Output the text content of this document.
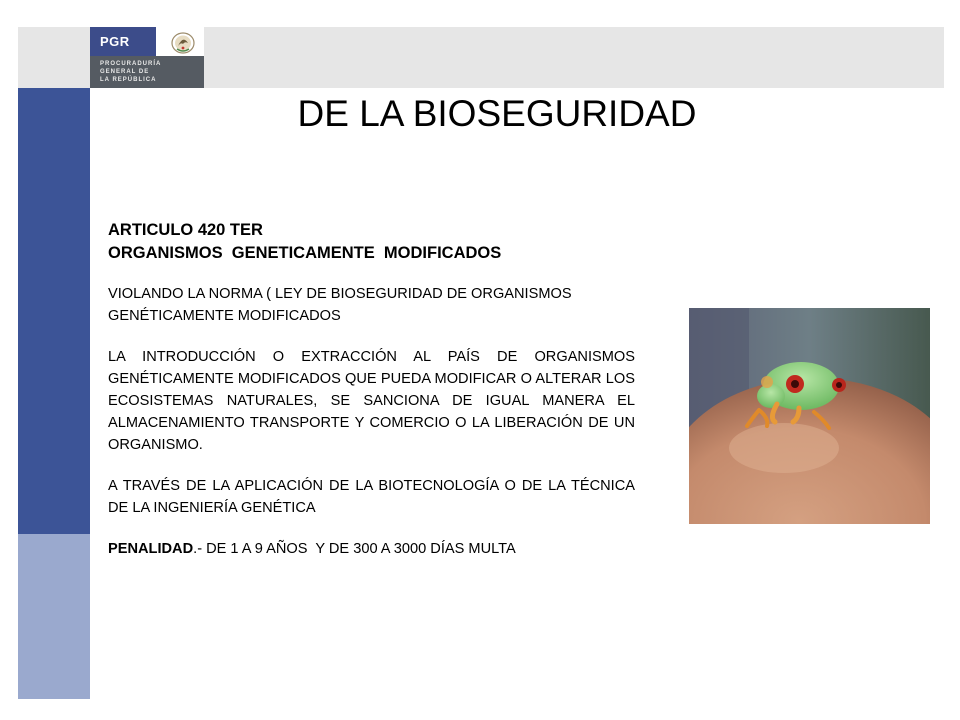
PGR
PROCURADURÍA
GENERAL DE
LA REPÚBLICA
DE LA BIOSEGURIDAD

ARTICULO 420 TER

ORGANISMOS  GENETICAMENTE  MODIFICADOS

VIOLANDO LA NORMA ( LEY DE BIOSEGURIDAD DE ORGANISMOS GENÉTICAMENTE MODIFICADOS

LA INTRODUCCIÓN O EXTRACCIÓN AL PAÍS DE ORGANISMOS GENÉTICAMENTE MODIFICADOS QUE PUEDA MODIFICAR O ALTERAR LOS ECOSISTEMAS NATURALES, SE SANCIONA DE IGUAL MANERA EL ALMACENAMIENTO TRANSPORTE Y COMERCIO O LA LIBERACIÓN DE UN ORGANISMO.

A TRAVÉS DE LA APLICACIÓN DE LA BIOTECNOLOGÍA O DE LA TÉCNICA DE LA INGENIERÍA GENÉTICA

PENALIDAD.- DE 1 A 9 AÑOS  Y DE 300 A 3000 DÍAS MULTA
